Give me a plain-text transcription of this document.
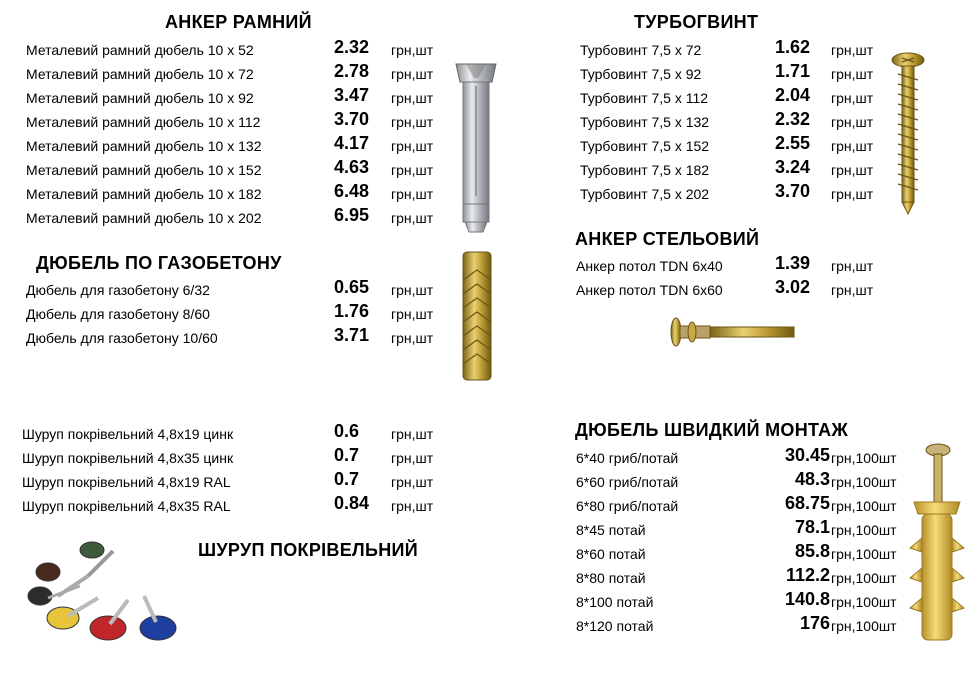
АНКЕР РАМНИЙ
ДЮБЕЛЬ ПО ГАЗОБЕТОНУ
ШУРУП ПОКРІВЕЛЬНИЙ
ТУРБОГВИНТ
АНКЕР СТЕЛЬОВИЙ
ДЮБЕЛЬ ШВИДКИЙ МОНТАЖ
Металевий рамний дюбель 10 х 52	2.32 грн,шт
Металевий рамний дюбель 10 х 72	2.78 грн,шт
Металевий рамний дюбель 10 х 92	3.47 грн,шт
Металевий рамний дюбель 10 х 112	3.70 грн,шт
Металевий рамний дюбель 10 х 132	4.17 грн,шт
Металевий рамний дюбель 10 х 152	4.63 грн,шт
Металевий рамний дюбель 10 х 182	6.48 грн,шт
Металевий рамний дюбель 10 х 202	6.95 грн,шт
Дюбель для газобетону 6/32	0.65 грн,шт
Дюбель для газобетону 8/60	1.76 грн,шт
Дюбель для газобетону 10/60	3.71 грн,шт
Шуруп покрівельний 4,8х19 цинк	0.6 грн,шт
Шуруп покрівельний 4,8х35 цинк	0.7 грн,шт
Шуруп покрівельний 4,8х19 RAL	0.7 грн,шт
Шуруп покрівельний 4,8х35 RAL	0.84 грн,шт
Турбовинт 7,5 х 72	1.62 грн,шт
Турбовинт 7,5 х 92	1.71 грн,шт
Турбовинт 7,5 х 112	2.04 грн,шт
Турбовинт 7,5 х 132	2.32 грн,шт
Турбовинт 7,5 х 152	2.55 грн,шт
Турбовинт 7,5 х 182	3.24 грн,шт
Турбовинт 7,5 х 202	3.70 грн,шт
Анкер потол TDN 6х40	1.39 грн,шт
Анкер потол TDN 6х60	3.02 грн,шт
6*40 гриб/потай	30.45 грн,100шт
6*60 гриб/потай	48.3 грн,100шт
6*80 гриб/потай	68.75 грн,100шт
8*45 потай	78.1 грн,100шт
8*60 потай	85.8 грн,100шт
8*80 потай	112.2 грн,100шт
8*100 потай	140.8 грн,100шт
8*120 потай	176 грн,100шт
